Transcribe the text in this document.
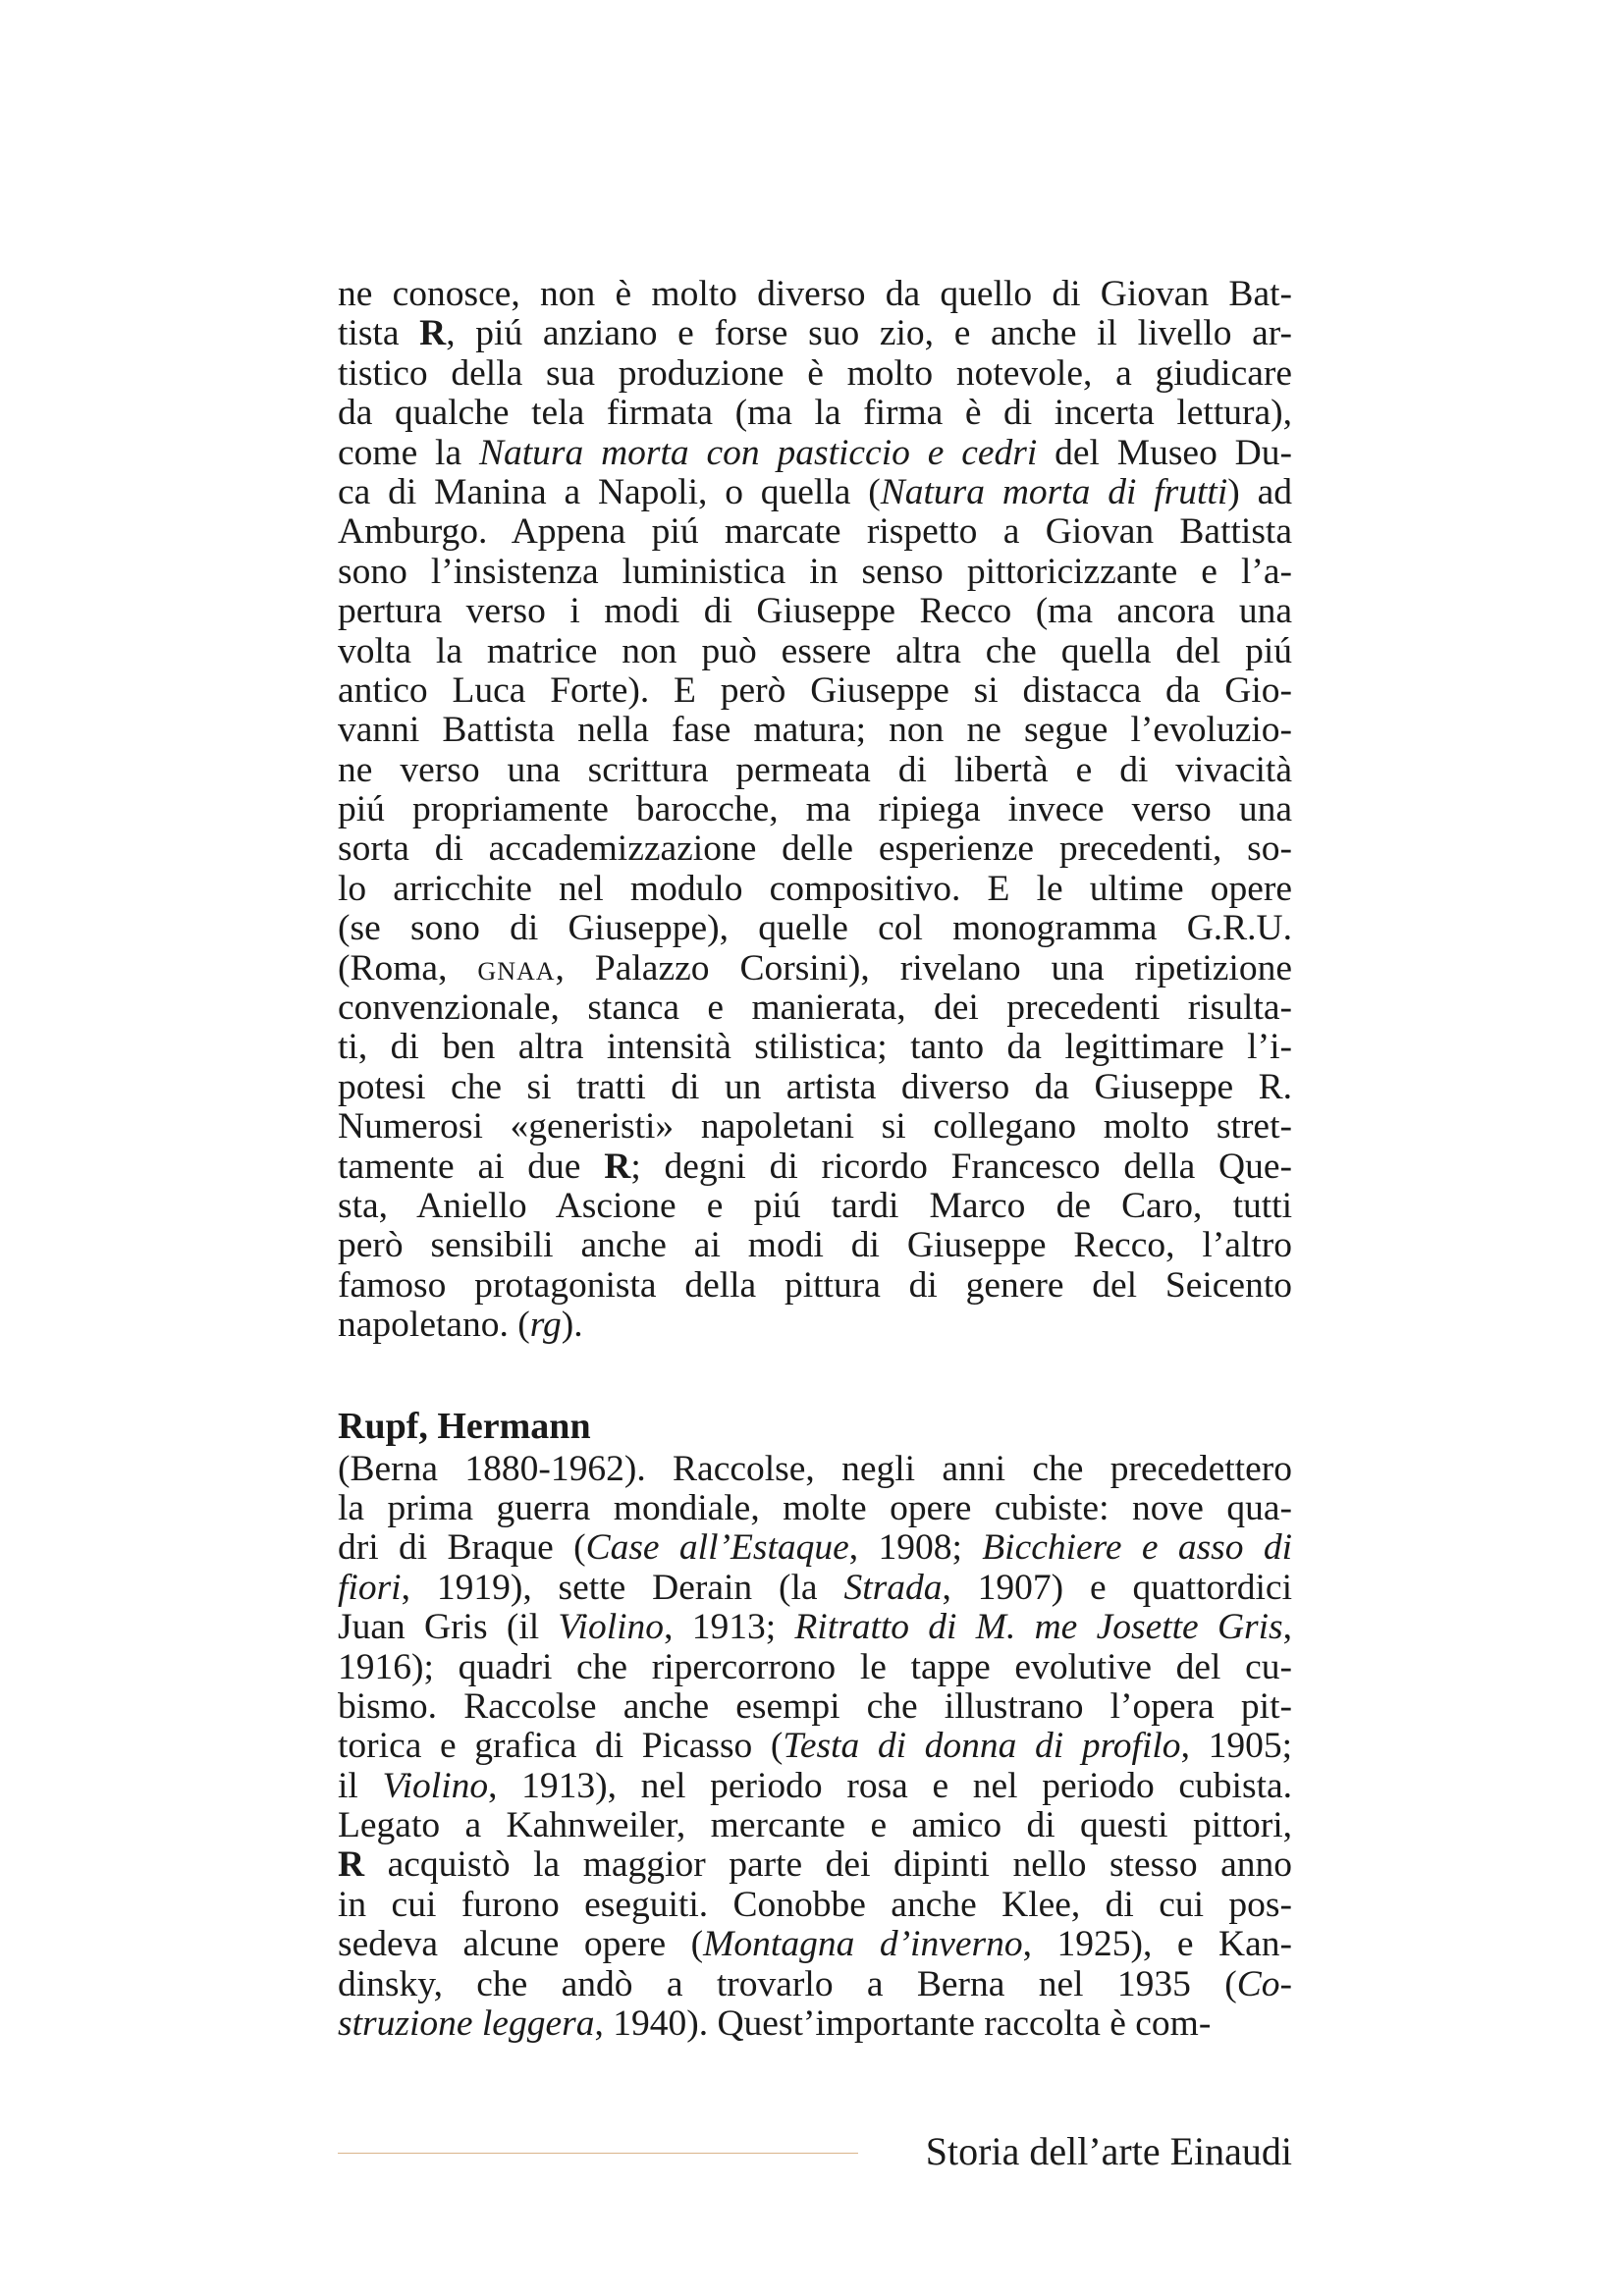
ne conosce, non è molto diverso da quello di Giovan Bat-
tista R, piú anziano e forse suo zio, e anche il livello ar-
tistico della sua produzione è molto notevole, a giudicare
da qualche tela firmata (ma la firma è di incerta lettura),
come la Natura morta con pasticcio e cedri del Museo Du-
ca di Manina a Napoli, o quella (Natura morta di frutti) ad
Amburgo. Appena piú marcate rispetto a Giovan Battista
sono l’insistenza luministica in senso pittoricizzante e l’a-
pertura verso i modi di Giuseppe Recco (ma ancora una
volta la matrice non può essere altra che quella del piú
antico Luca Forte). E però Giuseppe si distacca da Gio-
vanni Battista nella fase matura; non ne segue l’evoluzio-
ne verso una scrittura permeata di libertà e di vivacità
piú propriamente barocche, ma ripiega invece verso una
sorta di accademizzazione delle esperienze precedenti, so-
lo arricchite nel modulo compositivo. E le ultime opere
(se sono di Giuseppe), quelle col monogramma G.R.U.
(Roma, gnaa, Palazzo Corsini), rivelano una ripetizione
convenzionale, stanca e manierata, dei precedenti risulta-
ti, di ben altra intensità stilistica; tanto da legittimare l’i-
potesi che si tratti di un artista diverso da Giuseppe R.
Numerosi «generisti» napoletani si collegano molto stret-
tamente ai due R; degni di ricordo Francesco della Que-
sta, Aniello Ascione e piú tardi Marco de Caro, tutti
però sensibili anche ai modi di Giuseppe Recco, l’altro
famoso protagonista della pittura di genere del Seicento
napoletano. (rg).
Rupf, Hermann
(Berna 1880-1962). Raccolse, negli anni che precedettero
la prima guerra mondiale, molte opere cubiste: nove qua-
dri di Braque (Case all’Estaque, 1908; Bicchiere e asso di
fiori, 1919), sette Derain (la Strada, 1907) e quattordici
Juan Gris (il Violino, 1913; Ritratto di M. me Josette Gris,
1916); quadri che ripercorrono le tappe evolutive del cu-
bismo. Raccolse anche esempi che illustrano l’opera pit-
torica e grafica di Picasso (Testa di donna di profilo, 1905;
il Violino, 1913), nel periodo rosa e nel periodo cubista.
Legato a Kahnweiler, mercante e amico di questi pittori,
R acquistò la maggior parte dei dipinti nello stesso anno
in cui furono eseguiti. Conobbe anche Klee, di cui pos-
sedeva alcune opere (Montagna d’inverno, 1925), e Kan-
dinsky, che andò a trovarlo a Berna nel 1935 (Co-
struzione leggera, 1940). Quest’importante raccolta è com-
Storia dell’arte Einaudi
